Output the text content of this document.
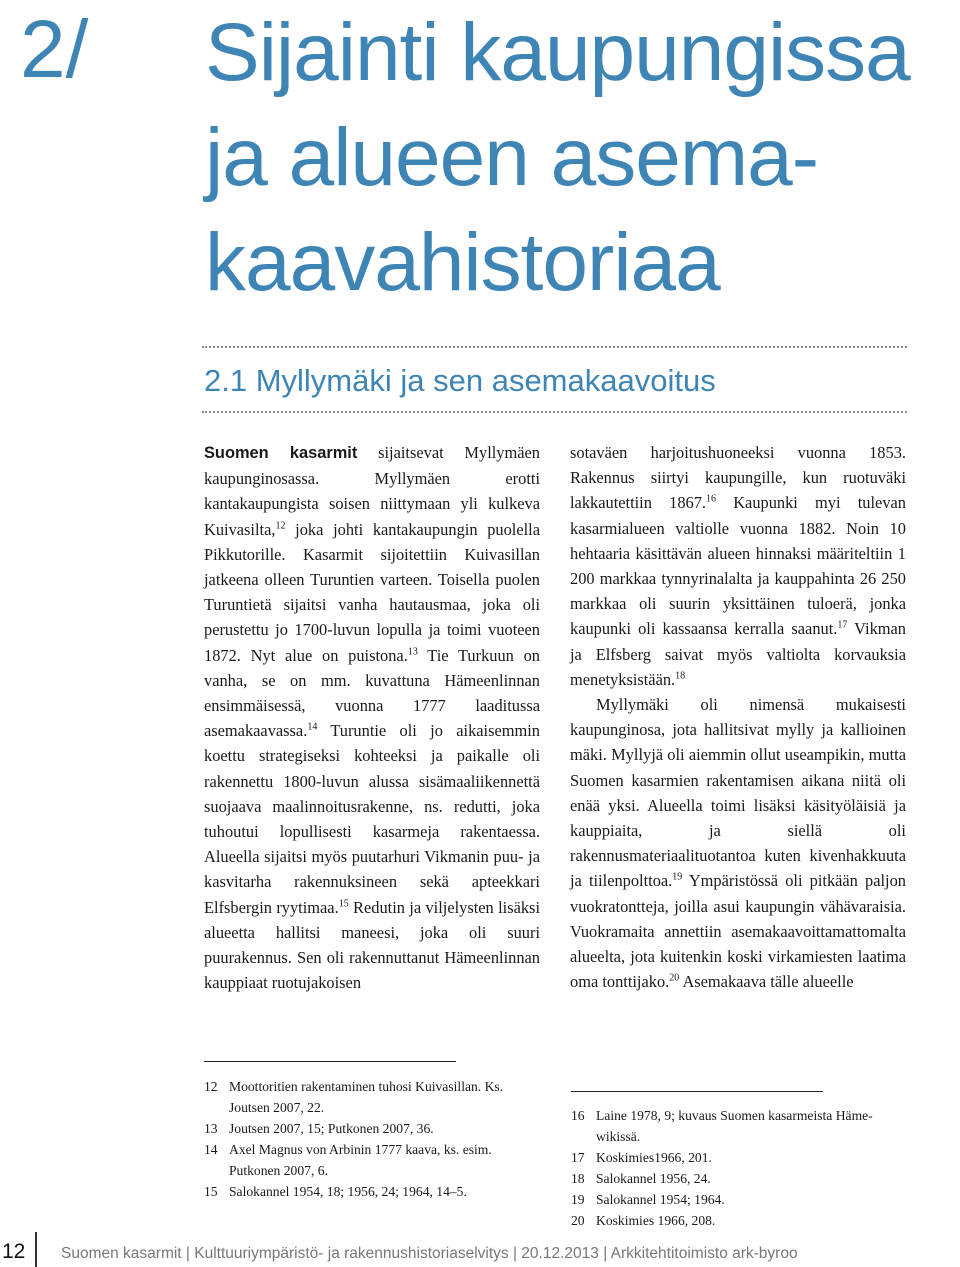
2/ Sijainti kaupungissa
ja alueen asema-
kaavahistoriaa
2.1 Myllymäki ja sen asemakaavoitus

Suomen kasarmit sijaitsevat Myllymäen kaupunginosassa. Myllymäen erotti kantakaupungista soisen niittymaan yli kulkeva Kuivasilta,$^{12}$ joka johti kantakaupungin puolella Pikkutorille. Kasarmit sijoitettiin Kuivasillan jatkeena olleen Turuntien varteen. Toisella puolen Turuntietä sijaitsi vanha hautausmaa, joka oli perustettu jo 1700-luvun lopulla ja toimi vuoteen 1872. Nyt alue on puistona.$^{13}$ Tie Turkuun on vanha, se on mm. kuvattuna Hämeenlinnan ensimmäisessä, vuonna 1777 laaditussa asemakaavassa.$^{14}$ Turuntie oli jo aikaisemmin koettu strategiseksi kohteeksi ja paikalle oli rakennettu 1800-luvun alussa sisämaaliikennettä suojaava maalinnoitusrakenne, ns. redutti, joka tuhoutui lopullisesti kasarmeja rakentaessa. Alueella sijaitsi myös puutarhuri Vikmanin puu- ja kasvitarha rakennuksineen sekä apteekkari Elfsbergin ryytimaa.$^{15}$ Redutin ja viljelysten lisäksi alueetta hallitsi maneesi, joka oli suuri puurakennus. Sen oli rakennuttanut Hämeenlinnan kauppiaat ruotujakoisen

sotaväen harjoitushuoneeksi vuonna 1853. Rakennus siirtyi kaupungille, kun ruotuväki lakkautettiin 1867.16 Kaupunki myi tulevan kasarmialueen valtiolle vuonna 1882. Noin 10 hehtaaria käsittävän alueen hinnaksi määriteltiin 1 200 markkaa tynnyrinalalta ja kauppahinta 26 250 markkaa oli suurin yksittäinen tuloerä, jonka kaupunki oli kassaansa kerralla saanut.$^{17}$ Vikman ja Elfsberg saivat myös valtiolta korvauksia menetyksistään.$^{18}$

Myllymäki oli nimensä mukaisesti kaupunginosa, jota hallitsivat mylly ja kallioinen mäki. Myllyjä oli aiemmin ollut useampikin, mutta Suomen kasarmien rakentamisen aikana niitä oli enää yksi. Alueella toimi lisäksi käsityöläisiä ja kauppiaita, ja siellä oli rakennusmateriaalituotantoa kuten kivenhakkuuta ja tiilenpolttoa.$^{19}$ Ympäristössä oli pitkään paljon vuokratontteja, joilla asui kaupungin vähävaraisia. Vuokramaita annettiin asemakaavoittamattomalta alueelta, jota kuitenkin koski virkamiesten laatima oma tonttijako.$^{20}$ Asemakaava tälle alueelle

12 Moottoritien rakentaminen tuhosi Kuivasillan. Ks. Joutsen 2007, 22.
13 Joutsen 2007, 15; Putkonen 2007, 36.
14 Axel Magnus von Arbinin 1777 kaava, ks. esim. Putkonen 2007, 6.
15 Salokannel 1954, 18; 1956, 24; 1964, 14–5.
16 Laine 1978, 9; kuvaus Suomen kasarmeista Häme-wikissä.
17 Koskimies1966, 201.
18 Salokannel 1956, 24.
19 Salokannel 1954; 1964.
20 Koskimies 1966, 208.
12 Suomen kasarmit | Kulttuuriympäristö- ja rakennushistoriaselvitys | 20.12.2013 | Arkkitehtitoimisto ark-byroo
